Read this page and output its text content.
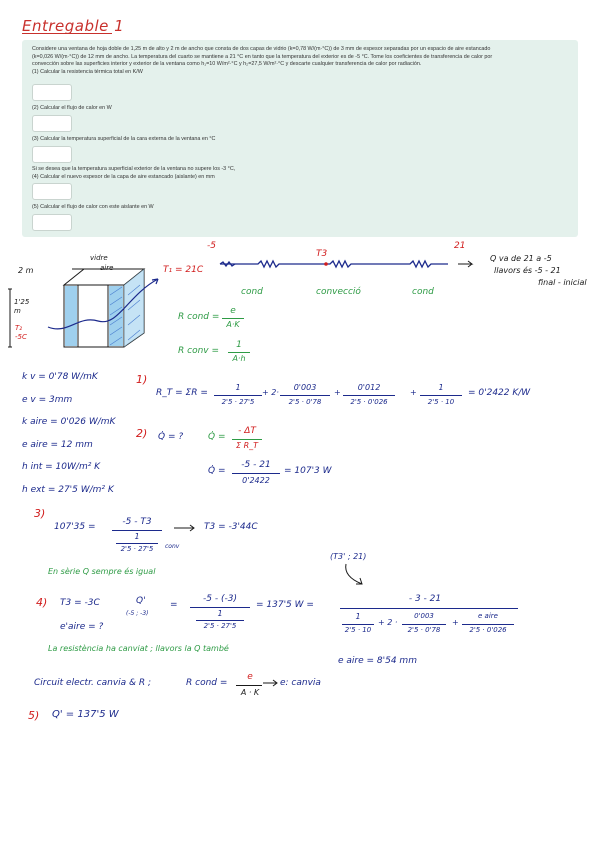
Entregable 1
Considere una ventana de hoja doble de 1,25 m de alto y 2 m de ancho que consta de dos capas de vidrio (k=0,78 W/(m·°C)) de 3 mm de espesor separadas por un espacio de aire estancado
(k=0,026 W/(m·°C)) de 12 mm de ancho. La temperatura del cuarto se mantiene a 21 °C en tanto que la temperatura del exterior es de -5 °C. Tome los coeficientes de transferencia de calor por
convección sobre las superficies interior y exterior de la ventana como h₁=10 W/m²·°C y h₂=27,5 W/m²·°C y descarte cualquier transferencia de calor por radiación.
(1) Calcular la resistencia térmica total en K/W
(2) Calcular el flujo de calor en W
(3) Calcular la temperatura superficial de la cara externa de la ventana en °C
Si se desea que la temperatura superficial exterior de la ventana no supere los -3 °C,
(4) Calcular el nuevo espesor de la capa de aire estancado (aislante) en mm
(5) Calcular el flujo de calor con este aislante en W
-5	21
T3	Q va de 21 a -5
llavors és -5 - 21
final - inicial
cond	convecció	cond
2 m
1'25 m
T₂ -5C
T₁ = 21C
vidre
aire
R cond =
e
A·K
R conv =
1
A·h
k v = 0'78 W/mK
e v = 3mm
k aire = 0'026 W/mK
e aire = 12 mm
h int = 10W/m² K
h ext = 27'5 W/m² K
1)
R_T = ΣR =
1
2'5 · 27'5
+ 2·
0'003
2'5 · 0'78
+
0'012
2'5 · 0'026
+
1
2'5 · 10
= 0'2422 K/W
2) Q̇ = ?	Q̇ =
- ΔT
Σ R_T
Q̇ =
-5 - 21
0'2422
= 107'3 W
3)
107'35 =	-5 - T3
1
2'5 · 27'5	conv
T3 = -3'44C
En sèrie Q sempre és igual
(T3' ; 21)
4) T3 = -3C	Q'
(-5 ; -3)
=
-5 - (-3)
1
2'5 · 27'5
= 137'5 W =
- 3 - 21
1
2'5 · 10
+ 2 ·
0'003
2'5 · 0'78
+
e aire
2'5 · 0'026
e'aire = ?
La resistència ha canviat ; llavors la Q també
e aire = 8'54 mm
Circuit electr. canvia & R ;	R cond =
e
A · K
e: canvia
5) Q' = 137'5 W
